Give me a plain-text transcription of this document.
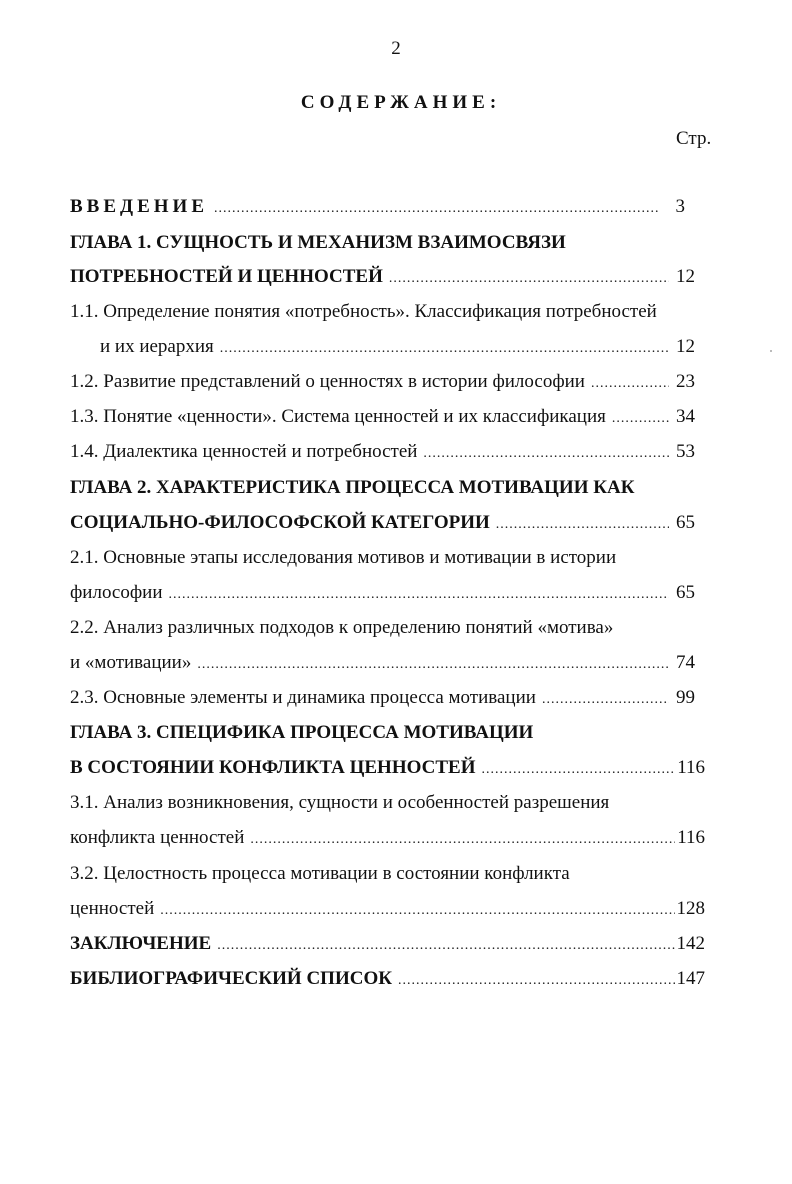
2
СОДЕРЖАНИЕ:
Стр.
ВВЕДЕНИЕ .....	3
ГЛАВА 1. СУЩНОСТЬ И МЕХАНИЗМ ВЗАИМОСВЯЗИ
ПОТРЕБНОСТЕЙ И ЦЕННОСТЕЙ .....	12
1.1. Определение понятия «потребность». Классификация потребностей
и их иерархия .....	12
1.2. Развитие представлений о ценностях в истории философии .....	23
1.3. Понятие «ценности». Система ценностей и их классификация .....	34
1.4. Диалектика ценностей и потребностей .....	53
ГЛАВА 2. ХАРАКТЕРИСТИКА ПРОЦЕССА МОТИВАЦИИ КАК
СОЦИАЛЬНО-ФИЛОСОФСКОЙ КАТЕГОРИИ .....	65
2.1. Основные этапы исследования мотивов и мотивации в истории
философии .....	65
2.2. Анализ различных подходов к определению понятий «мотива»
и «мотивации» .....	74
2.3. Основные элементы и динамика процесса мотивации .....	99
ГЛАВА 3. СПЕЦИФИКА ПРОЦЕССА МОТИВАЦИИ
В СОСТОЯНИИ КОНФЛИКТА ЦЕННОСТЕЙ .....	116
3.1. Анализ возникновения, сущности и особенностей разрешения
конфликта ценностей .....	116
3.2. Целостность процесса мотивации в состоянии конфликта
ценностей .....	128
ЗАКЛЮЧЕНИЕ .....	142
БИБЛИОГРАФИЧЕСКИЙ СПИСОК .....	147
